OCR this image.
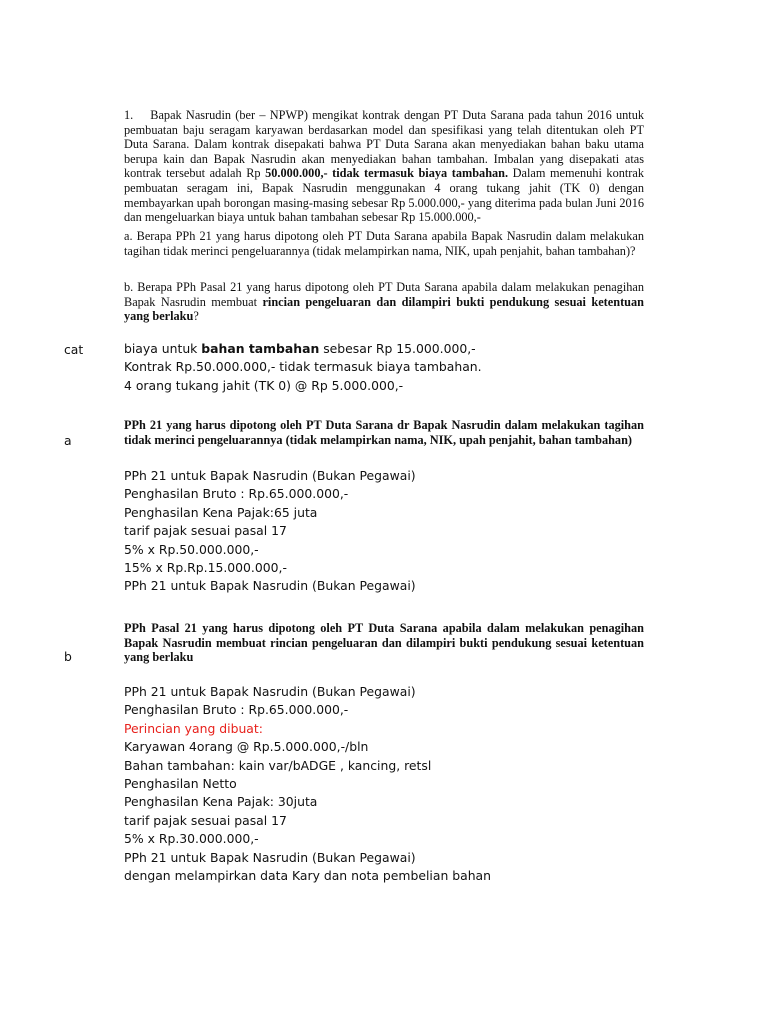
1. Bapak Nasrudin (ber – NPWP) mengikat kontrak dengan PT Duta Sarana pada tahun 2016 untuk pembuatan baju seragam karyawan berdasarkan model dan spesifikasi yang telah ditentukan oleh PT Duta Sarana. Dalam kontrak disepakati bahwa PT Duta Sarana akan menyediakan bahan baku utama berupa kain dan Bapak Nasrudin akan menyediakan bahan tambahan. Imbalan yang disepakati atas kontrak tersebut adalah Rp 50.000.000,- tidak termasuk biaya tambahan. Dalam memenuhi kontrak pembuatan seragam ini, Bapak Nasrudin menggunakan 4 orang tukang jahit (TK 0) dengan membayarkan upah borongan masing-masing sebesar Rp 5.000.000,- yang diterima pada bulan Juni 2016 dan mengeluarkan biaya untuk bahan tambahan sebesar Rp 15.000.000,-
a. Berapa PPh 21 yang harus dipotong oleh PT Duta Sarana apabila Bapak Nasrudin dalam melakukan tagihan tidak merinci pengeluarannya (tidak melampirkan nama, NIK, upah penjahit, bahan tambahan)?
b. Berapa PPh Pasal 21 yang harus dipotong oleh PT Duta Sarana apabila dalam melakukan penagihan Bapak Nasrudin membuat rincian pengeluaran dan dilampiri bukti pendukung sesuai ketentuan yang berlaku?
cat	biaya untuk bahan tambahan sebesar Rp 15.000.000,-
Kontrak Rp.50.000.000,- tidak termasuk biaya tambahan.
4 orang tukang jahit (TK 0) @ Rp 5.000.000,-
a
PPh 21 yang harus dipotong oleh PT Duta Sarana dr Bapak Nasrudin dalam melakukan tagihan tidak merinci pengeluarannya (tidak melampirkan nama, NIK, upah penjahit, bahan tambahan)
PPh 21 untuk Bapak Nasrudin (Bukan Pegawai)
Penghasilan Bruto : Rp.65.000.000,-
Penghasilan Kena Pajak:65 juta
tarif pajak sesuai pasal 17
5% x Rp.50.000.000,-
15% x Rp.Rp.15.000.000,-
PPh 21 untuk Bapak Nasrudin (Bukan Pegawai)
b
PPh Pasal 21 yang harus dipotong oleh PT Duta Sarana apabila dalam melakukan penagihan Bapak Nasrudin membuat rincian pengeluaran dan dilampiri bukti pendukung sesuai ketentuan yang berlaku
PPh 21 untuk Bapak Nasrudin (Bukan Pegawai)
Penghasilan Bruto : Rp.65.000.000,-
Perincian yang dibuat:
Karyawan 4orang @ Rp.5.000.000,-/bln
Bahan tambahan: kain var/bADGE , kancing, retsl
Penghasilan Netto
Penghasilan Kena Pajak: 30juta
tarif pajak sesuai pasal 17
5% x Rp.30.000.000,-
PPh 21 untuk Bapak Nasrudin (Bukan Pegawai)
dengan melampirkan data Kary dan nota pembelian bahan
